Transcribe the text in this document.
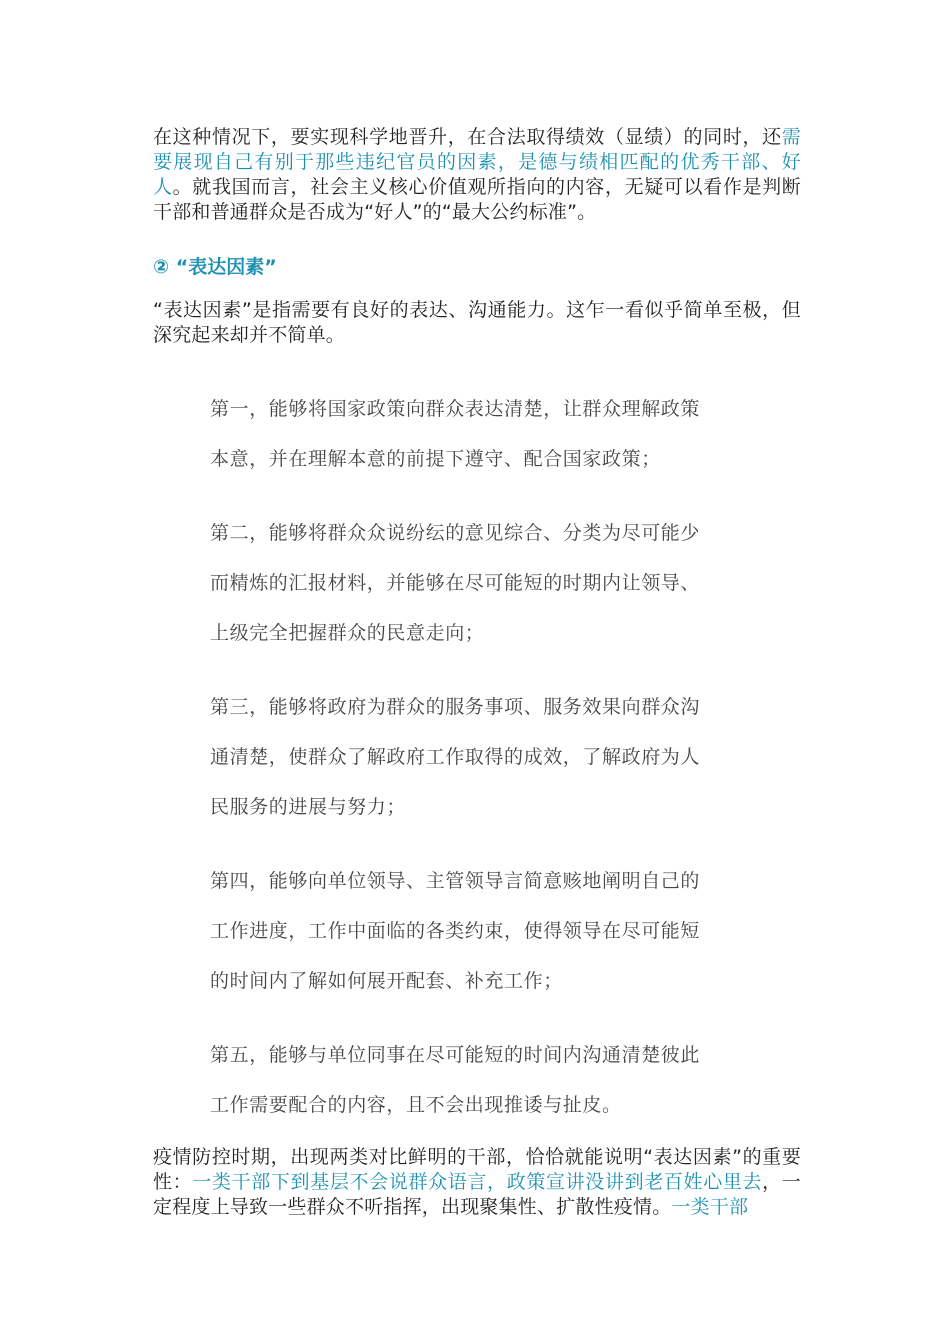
在这种情况下，要实现科学地晋升，在合法取得绩效（显绩）的同时，还需要展现自己有别于那些违纪官员的因素，是德与绩相匹配的优秀干部、好人。就我国而言，社会主义核心价值观所指向的内容，无疑可以看作是判断干部和普通群众是否成为“好人”的“最大公约标准”。

② “表达因素”

“表达因素”是指需要有良好的表达、沟通能力。这乍一看似乎简单至极，但深究起来却并不简单。

第一，能够将国家政策向群众表达清楚，让群众理解政策
本意，并在理解本意的前提下遵守、配合国家政策；
第二，能够将群众众说纷纭的意见综合、分类为尽可能少
而精炼的汇报材料，并能够在尽可能短的时期内让领导、
上级完全把握群众的民意走向；
第三，能够将政府为群众的服务事项、服务效果向群众沟
通清楚，使群众了解政府工作取得的成效，了解政府为人
民服务的进展与努力；
第四，能够向单位领导、主管领导言简意赅地阐明自己的
工作进度，工作中面临的各类约束，使得领导在尽可能短
的时间内了解如何展开配套、补充工作；
第五，能够与单位同事在尽可能短的时间内沟通清楚彼此
工作需要配合的内容，且不会出现推诿与扯皮。

疫情防控时期，出现两类对比鲜明的干部，恰恰就能说明“表达因素”的重要性：一类干部下到基层不会说群众语言，政策宣讲没讲到老百姓心里去，一定程度上导致一些群众不听指挥，出现聚集性、扩散性疫情。一类干部
